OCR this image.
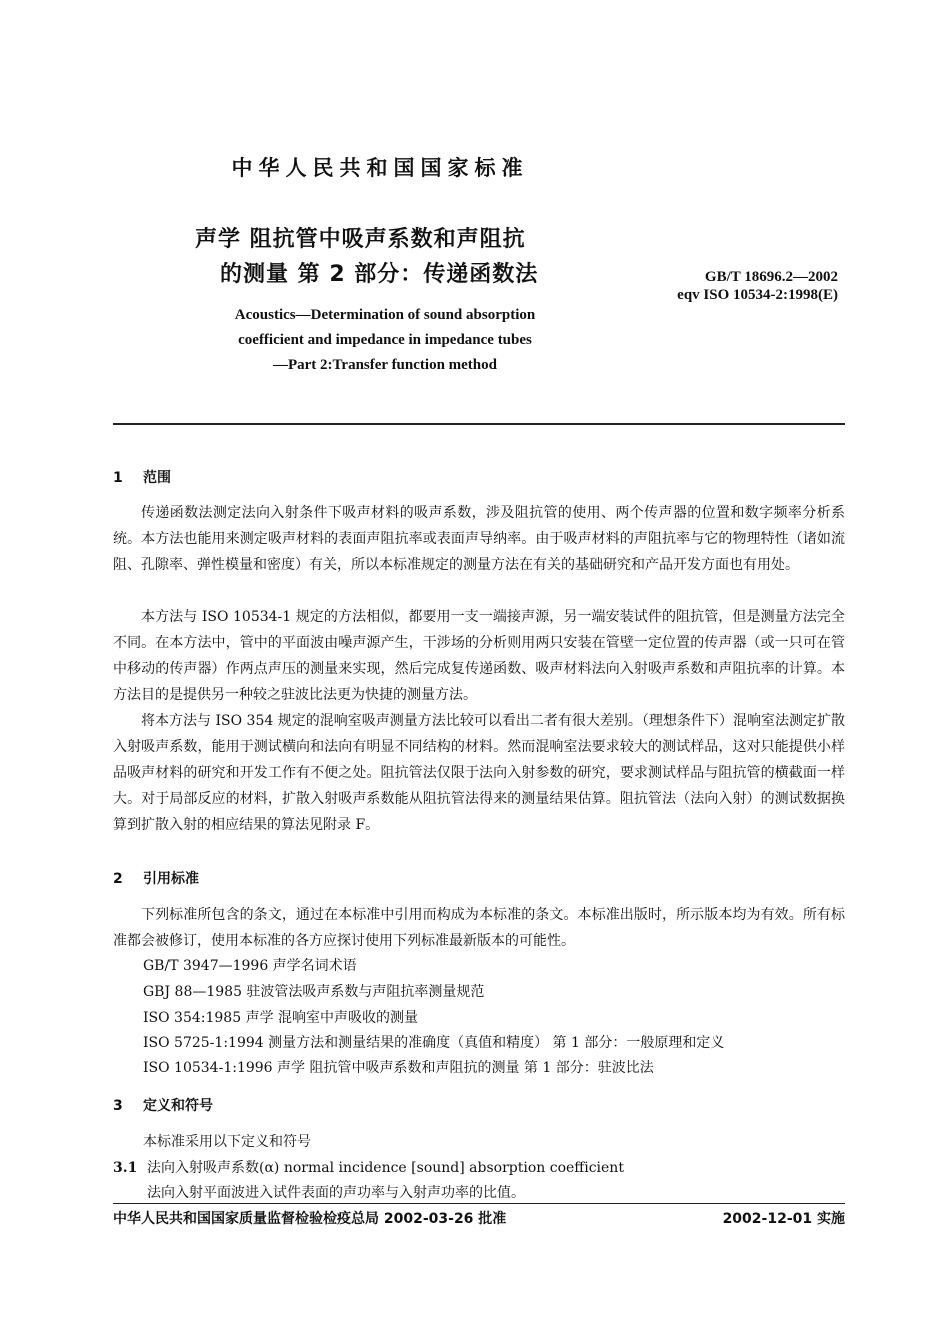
中华人民共和国国家标准
声学 阻抗管中吸声系数和声阻抗
的测量 第 2 部分：传递函数法	GB/T 18696.2—2002
eqv ISO 10534-2:1998(E)
Acoustics—Determination of sound absorption
coefficient and impedance in impedance tubes
—Part 2:Transfer function method
1 范围

传递函数法测定法向入射条件下吸声材料的吸声系数，涉及阻抗管的使用、两个传声器的位置和数字频率分析系统。本方法也能用来测定吸声材料的表面声阻抗率或表面声导纳率。由于吸声材料的声阻抗率与它的物理特性（诸如流阻、孔隙率、弹性模量和密度）有关，所以本标准规定的测量方法在有关的基础研究和产品开发方面也有用处。

本方法与 ISO 10534-1 规定的方法相似，都要用一支一端接声源，另一端安装试件的阻抗管，但是测量方法完全不同。在本方法中，管中的平面波由噪声源产生，干涉场的分析则用两只安装在管壁一定位置的传声器（或一只可在管中移动的传声器）作两点声压的测量来实现，然后完成复传递函数、吸声材料法向入射吸声系数和声阻抗率的计算。本方法目的是提供另一种较之驻波比法更为快捷的测量方法。

将本方法与 ISO 354 规定的混响室吸声测量方法比较可以看出二者有很大差别。（理想条件下）混响室法测定扩散入射吸声系数，能用于测试横向和法向有明显不同结构的材料。然而混响室法要求较大的测试样品，这对只能提供小样品吸声材料的研究和开发工作有不便之处。阻抗管法仅限于法向入射参数的研究，要求测试样品与阻抗管的横截面一样大。对于局部反应的材料，扩散入射吸声系数能从阻抗管法得来的测量结果估算。阻抗管法（法向入射）的测试数据换算到扩散入射的相应结果的算法见附录 F。

2 引用标准

下列标准所包含的条文，通过在本标准中引用而构成为本标准的条文。本标准出版时，所示版本均为有效。所有标准都会被修订，使用本标准的各方应探讨使用下列标准最新版本的可能性。

GB/T 3947—1996 声学名词术语
GBJ 88—1985 驻波管法吸声系数与声阻抗率测量规范
ISO 354:1985 声学 混响室中声吸收的测量
ISO 5725-1:1994 测量方法和测量结果的准确度（真值和精度） 第 1 部分：一般原理和定义
ISO 10534-1:1996 声学 阻抗管中吸声系数和声阻抗的测量 第 1 部分：驻波比法
3 定义和符号
本标准采用以下定义和符号
3.1 法向入射吸声系数(α) normal incidence [sound] absorption coefficient
法向入射平面波进入试件表面的声功率与入射声功率的比值。
中华人民共和国国家质量监督检验检疫总局 2002-03-26 批准	2002-12-01 实施
